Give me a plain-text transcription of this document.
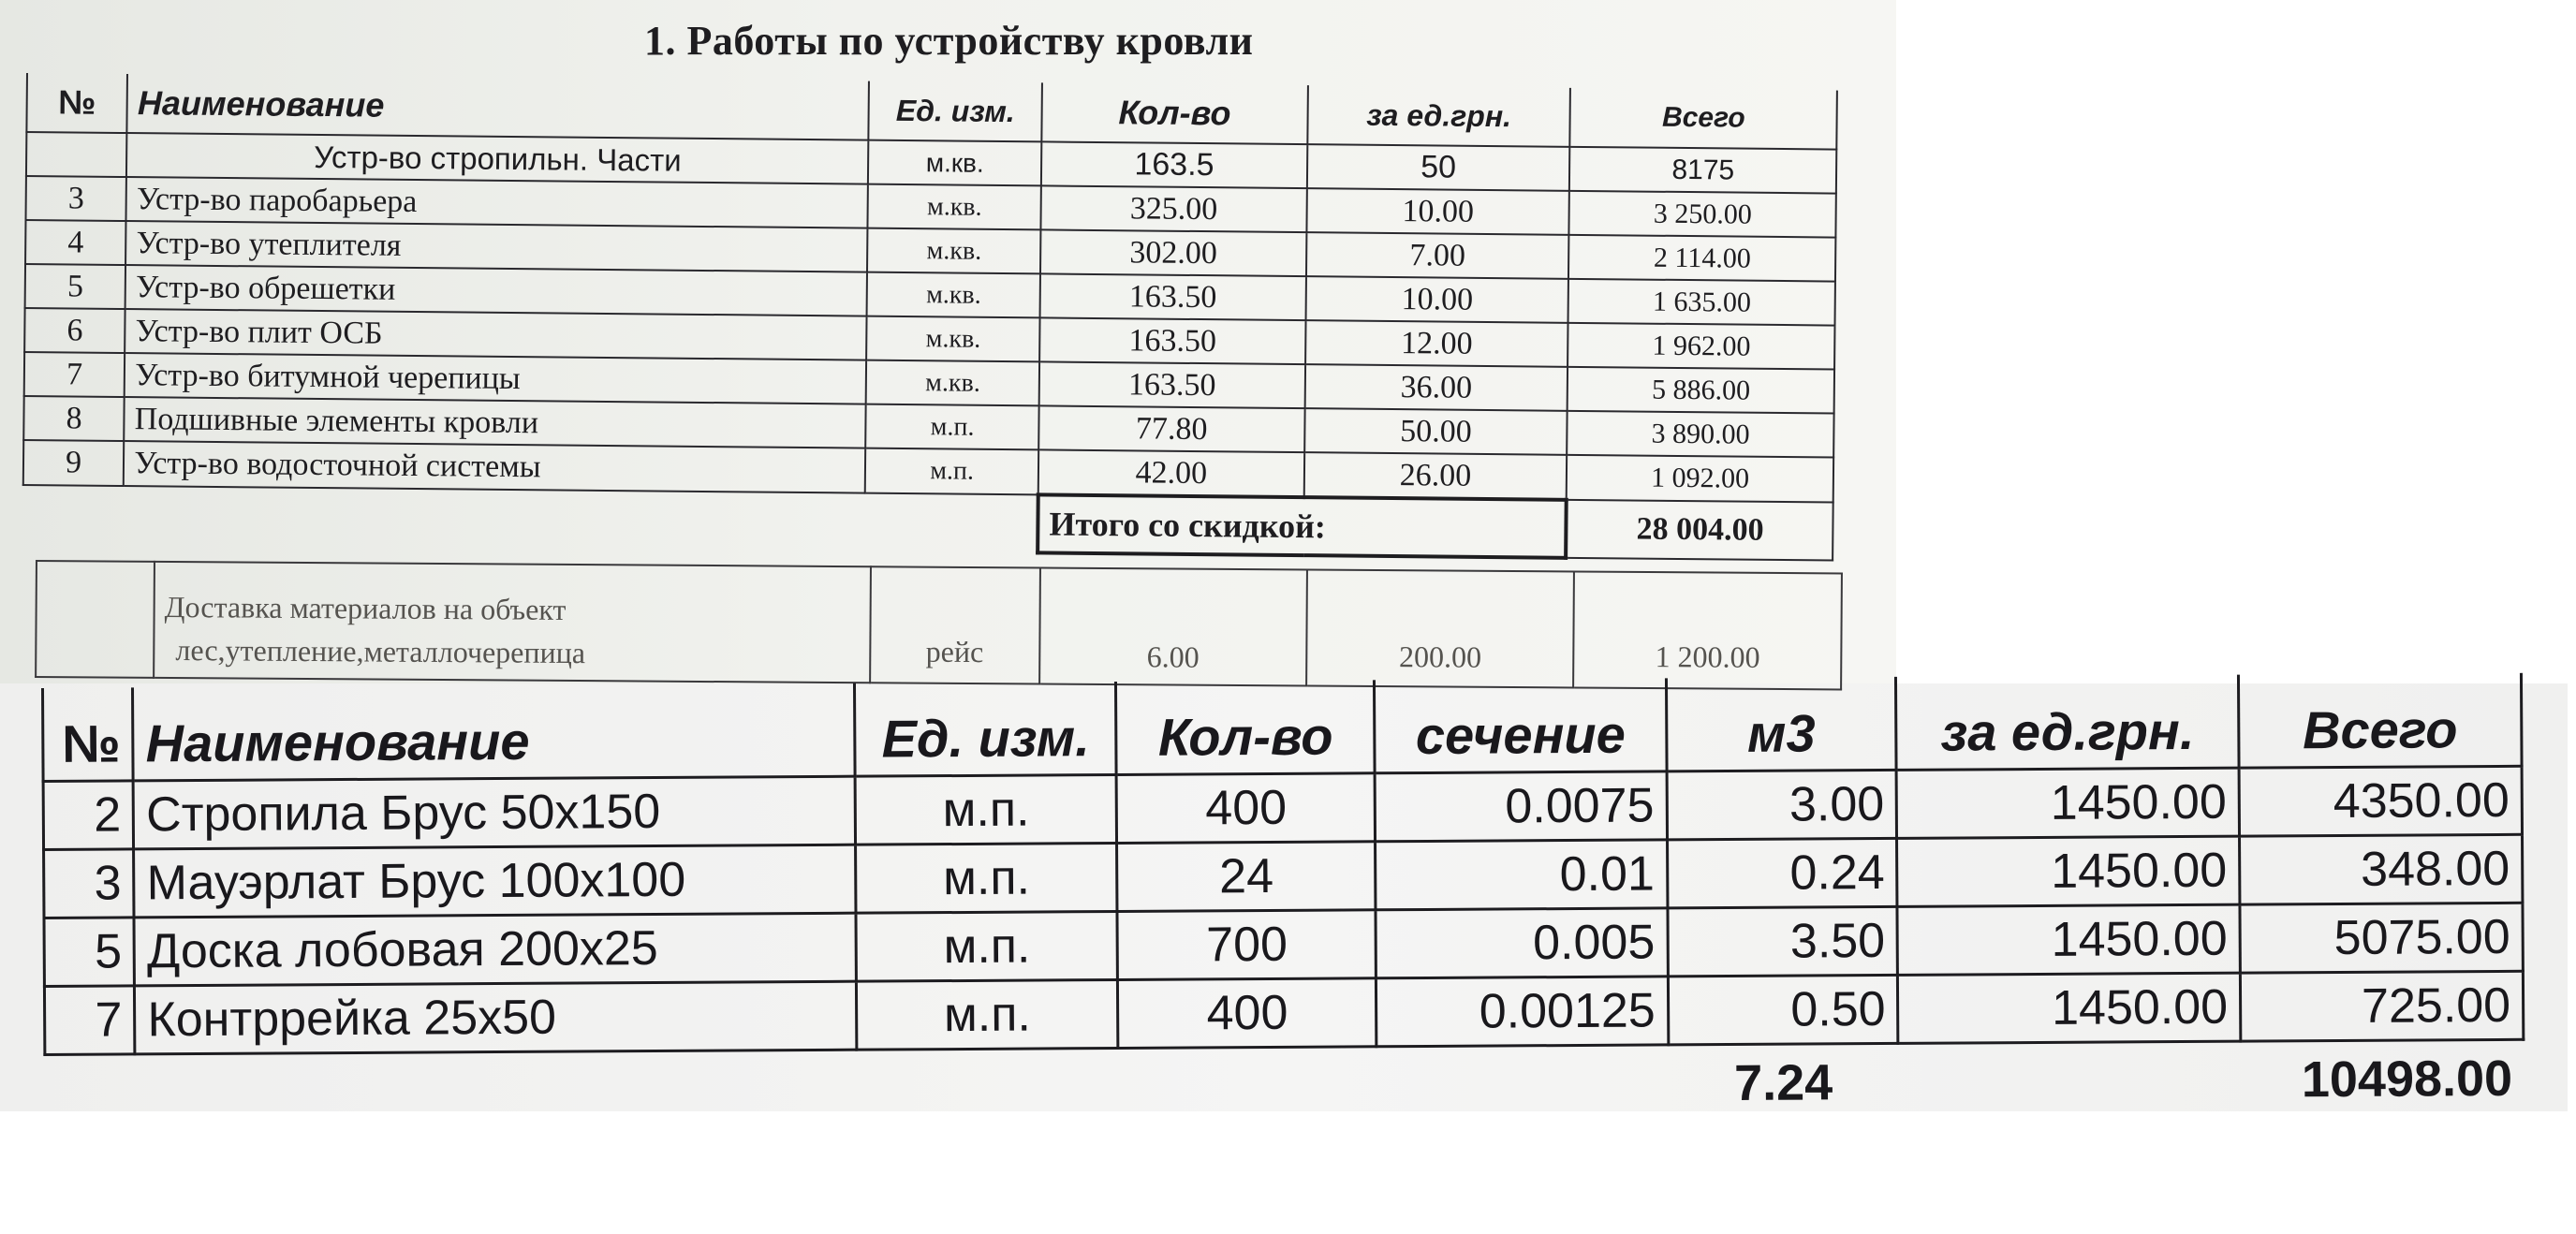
1. Работы по устройству кровли
№	Наименование	Ед. изм.	Кол-во	за ед.грн.	Всего
	Устр-во стропильн. Части	м.кв.	163.5	50	8175
3	Устр-во паробарьера	м.кв.	325.00	10.00	3 250.00
4	Устр-во утеплителя	м.кв.	302.00	7.00	2 114.00
5	Устр-во обрешетки	м.кв.	163.50	10.00	1 635.00
6	Устр-во плит ОСБ	м.кв.	163.50	12.00	1 962.00
7	Устр-во битумной черепицы	м.кв.	163.50	36.00	5 886.00
8	Подшивные элементы кровли	м.п.	77.80	50.00	3 890.00
9	Устр-во водосточной системы	м.п.	42.00	26.00	1 092.00
			Итого со скидкой:		28 004.00

Доставка материалов на объект
лес,утепление,металлочерепица	рейс	6.00	200.00	1 200.00
№	Наименование	Ед. изм.	Кол-во	сечение	м3	за ед.грн.	Всего
2	Стропила Брус 50х150	м.п.	400	0.0075	3.00	1450.00	4350.00
3	Мауэрлат Брус 100х100	м.п.	24	0.01	0.24	1450.00	348.00
5	Доска лобовая 200х25	м.п.	700	0.005	3.50	1450.00	5075.00
7	Контррейка 25х50	м.п.	400	0.00125	0.50	1450.00	725.00
					7.24		10498.00
